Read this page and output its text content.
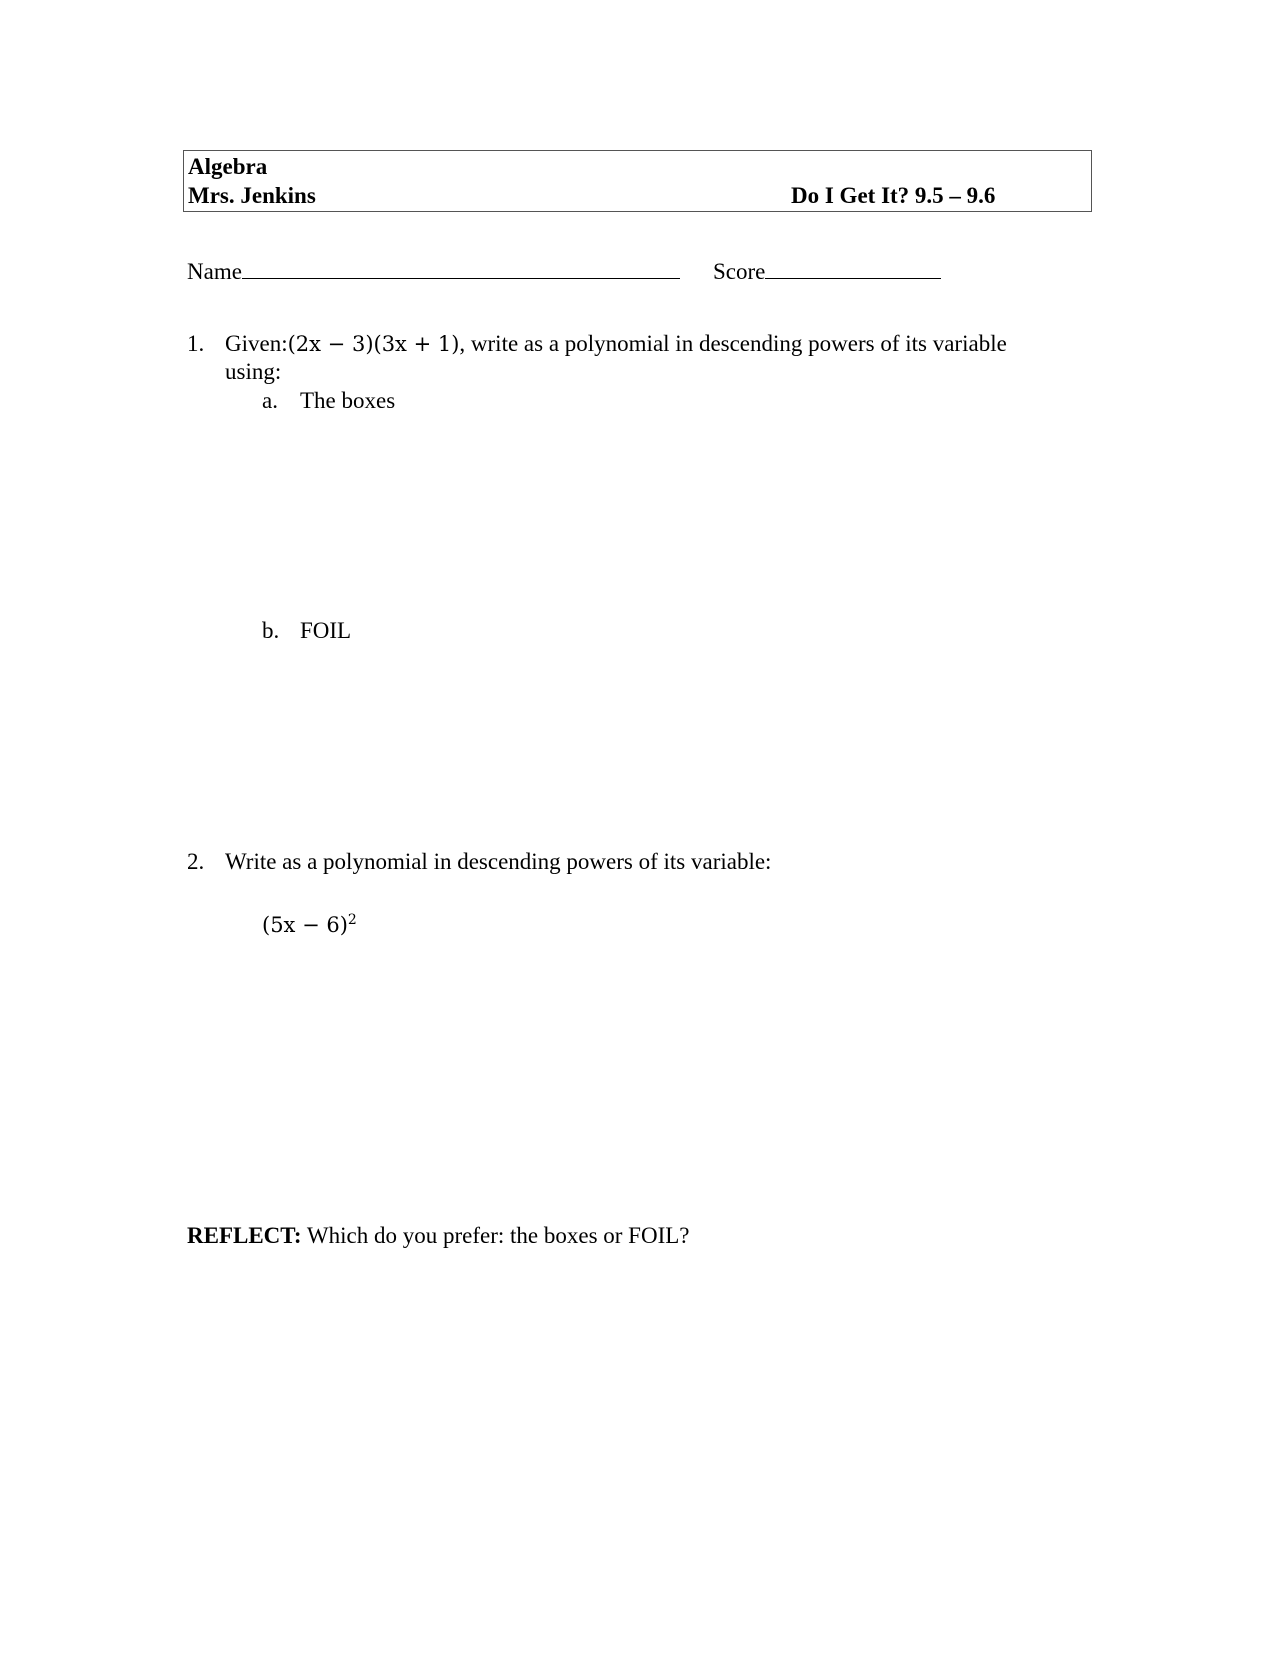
Algebra
Mrs. Jenkins	Do I Get It? 9.5 – 9.6
Name	Score
1. Given:(2x − 3)(3x + 1), write as a polynomial in descending powers of its variable
using:
a. The boxes
b. FOIL
2. Write as a polynomial in descending powers of its variable:
$(5x - 6)^2$
REFLECT: Which do you prefer: the boxes or FOIL?
